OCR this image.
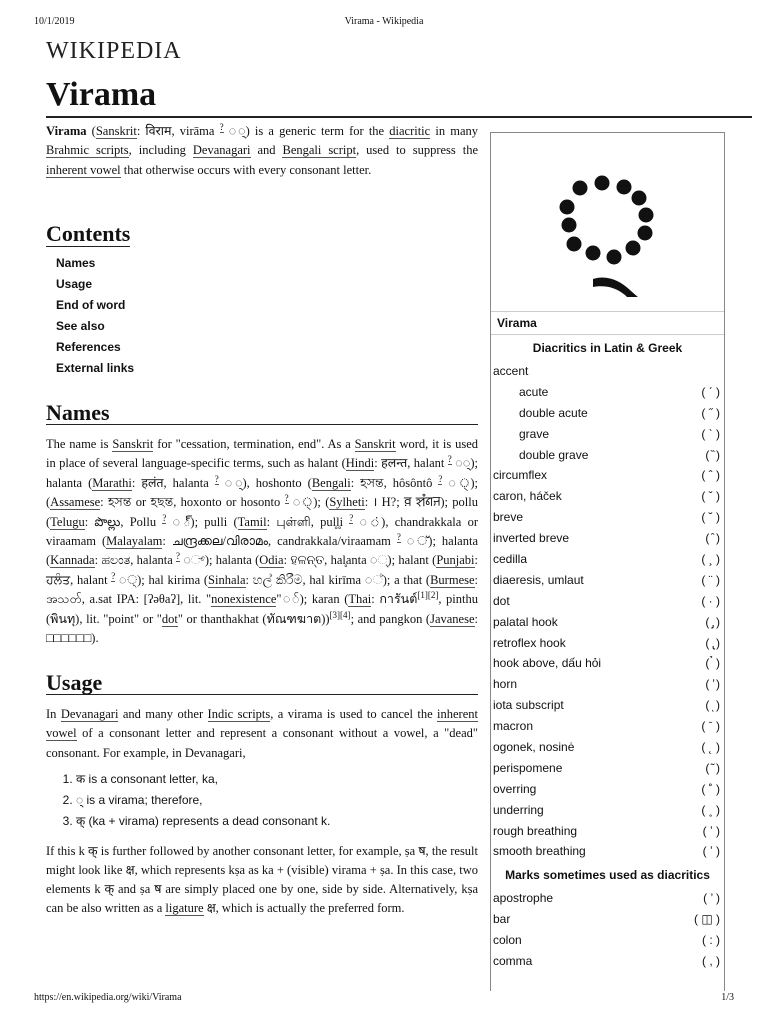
10/1/2019	Virama - Wikipedia
WIKIPEDIA
Virama

Virama (Sanskrit: विराम, virāma ? ◌्) is a generic term for the diacritic in many Brahmic scripts, including Devanagari and Bengali script, used to suppress the inherent vowel that otherwise occurs with every consonant letter.

Contents
Names
Usage
End of word
See also
References
External links
Names

The name is Sanskrit for "cessation, termination, end". As a Sanskrit word, it is used in place of several language-specific terms, such as halant (Hindi: हलन्त, halant ? ◌्); halanta (Marathi: हलंत, halanta ? ◌्), hoshonto (Bengali: হসন্ত, hôsôntô ? ◌্); (Assamese: হসন্ত or হছন্ত, hoxonto or hosonto ? ◌্); (Sylheti: । H?; ꠅ ꠡꠋꠘꠔ); pollu (Telugu: పొల్లు, Pollu ? ◌్); pulli (Tamil: புள்ளி, pul̥l̥i ? ◌்), chandrakkala or viraamam (Malayalam: ചന്ദ്രക്കല/വിരാമം, candrakkala/viraamam ? ◌്); halanta (Kannada: ಹಲಂತ, halanta ? ◌್); halanta (Odia: ହଳନ୍ତ, hal̥anta ◌୍); halant (Punjabi: ਹਲੰਤ, halant ? ◌੍); hal kirima (Sinhala: හල් කිරීම, hal kirīma ◌්); a that (Burmese: အသတ်, a.sat IPA: [ʔəθaʔ], lit. "nonexistence"◌်); karan (Thai: การันต์[1][2], pinthu (พินทุ), lit. "point" or "dot" or thanthakhat (ทัณฑฆาต))[3][4]; and pangkon (Javanese: □□□□□□).

Usage

In Devanagari and many other Indic scripts, a virama is used to cancel the inherent vowel of a consonant letter and represent a consonant without a vowel, a "dead" consonant. For example, in Devanagari,

1. क is a consonant letter, ka,
2. ◌् is a virama; therefore,
3. क् (ka + virama) represents a dead consonant k.

If this k क् is further followed by another consonant letter, for example, ṣa ष, the result might look like क्ष, which represents kṣa as ka + (visible) virama + ṣa. In this case, two elements k क् and ṣa ष are simply placed one by one, side by side. Alternatively, kṣa can be also written as a ligature क्ष, which is actually the preferred form.

Virama
Diacritics in Latin & Greek
accent
acute	( ˊ )
double acute	( ˝ )
grave	( ˋ )
double grave	( ̏ )
circumflex	( ˆ )
caron, háček	( ˇ )
breve	( ˘ )
inverted breve	( ̑ )
cedilla	( ¸ )
diaeresis, umlaut	( ¨ )
dot	( · )
palatal hook	( ̡ )
retroflex hook	( ̢ )
hook above, dấu hỏi	( ̉ )
horn	( ̛ )
iota subscript	( ͅ )
macron	( ˉ )
ogonek, nosinė	( ˛ )
perispomene	( ͂ )
overring	( ˚ )
underring	( ˳ )
rough breathing	( ʽ )
smooth breathing	( ʼ )
Marks sometimes used as diacritics
apostrophe	( ’ )
bar	( ◫ )
colon	( : )
comma	( , )
https://en.wikipedia.org/wiki/Virama	1/3
